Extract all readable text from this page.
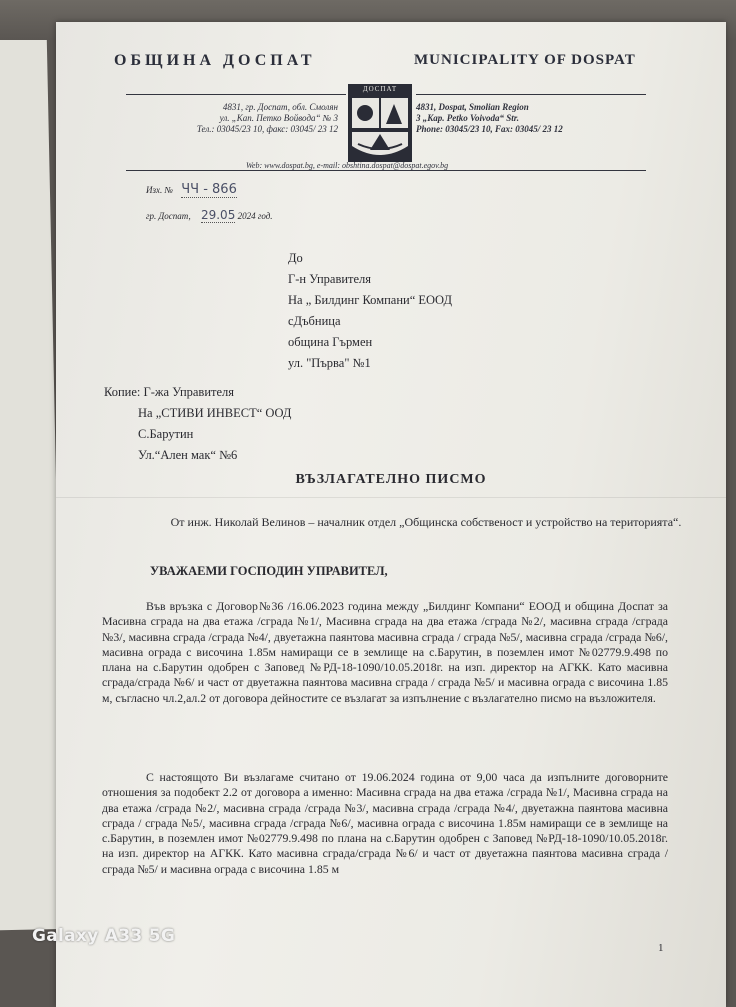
ОБЩИНА ДОСПАТ	MUNICIPALITY OF DOSPAT
ДОСПАТ
4831, гр. Доспат, обл. Смолян
ул. „Кап. Петко Войвода“ № 3
Тел.: 03045/23 10, факс: 03045/ 23 12
4831, Dospat, Smolian Region
3 „Kap. Petko Voivoda“ Str.
Phone: 03045/23 10, Fax: 03045/ 23 12
Web: www.dospat.bg, e-mail: obshtina.dospat@dospat.egov.bg
Изх. № ЧЧ - 866
гр. Доспат, 29.05 2024 год.
До
Г-н Управителя
На „ Билдинг Компани“ ЕООД
сДъбница
община Гърмен
ул. "Първа" №1
Копие: Г-жа Управителя
На „СТИВИ ИНВЕСТ“ ООД
С.Барутин
Ул.“Ален мак“ №6
ВЪЗЛАГАТЕЛНО ПИСМО
От инж. Николай Велинов – началник отдел „Общинска собственост и устройство на територията“.
УВАЖАЕМИ ГОСПОДИН УПРАВИТЕЛ,
Във връзка с Договор№36 /16.06.2023 година между „Билдинг Компани“ ЕООД и община Доспат за Масивна сграда на два етажа /сграда №1/, Масивна сграда на два етажа /сграда №2/, масивна сграда /сграда №3/, масивна сграда /сграда №4/, двуетажна паянтова масивна сграда / сграда №5/, масивна сграда /сграда №6/, масивна ограда с височина 1.85м намиращи се в землище на с.Барутин, в поземлен имот №02779.9.498 по плана на с.Барутин одобрен с Заповед №РД-18-1090/10.05.2018г. на изп. директор на АГКК. Като масивна сграда/сграда №6/ и част от двуетажна паянтова масивна сграда / сграда №5/ и масивна ограда с височина 1.85 м, съгласно чл.2,ал.2 от договора дейностите се възлагат за изпълнение с възлагателно писмо на възложителя.
С настоящото Ви възлагаме считано от 19.06.2024 година от 9,00 часа да изпълните договорните отношения за подобект 2.2 от договора а именно: Масивна сграда на два етажа /сграда №1/, Масивна сграда на два етажа /сграда №2/, масивна сграда /сграда №3/, масивна сграда /сграда №4/, двуетажна паянтова масивна сграда / сграда №5/, масивна сграда /сграда №6/, масивна ограда с височина 1.85м намиращи се в землище на с.Барутин, в поземлен имот №02779.9.498 по плана на с.Барутин одобрен с Заповед №РД-18-1090/10.05.2018г. на изп. директор на АГКК. Като масивна сграда/сграда №6/ и част от двуетажна паянтова масивна сграда / сграда №5/ и масивна ограда с височина 1.85 м
1
Galaxy A33 5G
